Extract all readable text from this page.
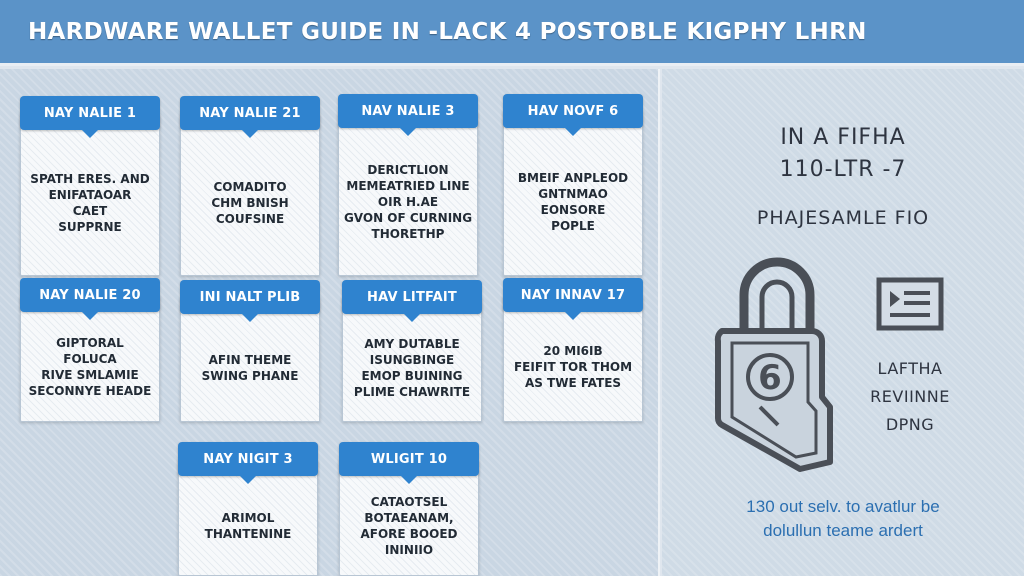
HARDWARE WALLET GUIDE IN -LACK 4 POSTOBLE KIGPHY LHRN
NAY NALIE 1
SPATH ERES. AND
ENIFATAOAR
CAET
SUPPRNE
NAY NALIE 21
COMADITO
CHM BNISH
COUFSINE
NAV NALIE 3
DERICTLION
MEMEATRIED LINE
OIR H.AE
GVON OF CURNING
THORETHP
HAV NOVF 6
BMEIF ANPLEOD
GNTNMAO
EONSORE
POPLE
NAY NALIE 20
GIPTORAL
FOLUCA
RIVE SMLAMIE
SECONNYE HEADE
INI NALT PLIB
AFIN THEME
SWING PHANE
HAV LITFAIT
AMY DUTABLE
ISUNGBINGE
EMOP BUINING
PLIME CHAWRITE
NAY INNAV 17
20 MI6IB
FEIFIT TOR THOM
AS TWE FATES
NAY NIGIT 3
ARIMOL
THANTENINE
WLIGIT 10
CATAOTSEL
BOTAEANAM,
AFORE BOOED
ININIIO
IN A FIFHA
110-LTR -7
PHAJESAMLE FIO
6	LAFTHA
REVIINNE
DPNG
130 out selv. to avatlur be
dolullun teame ardert
